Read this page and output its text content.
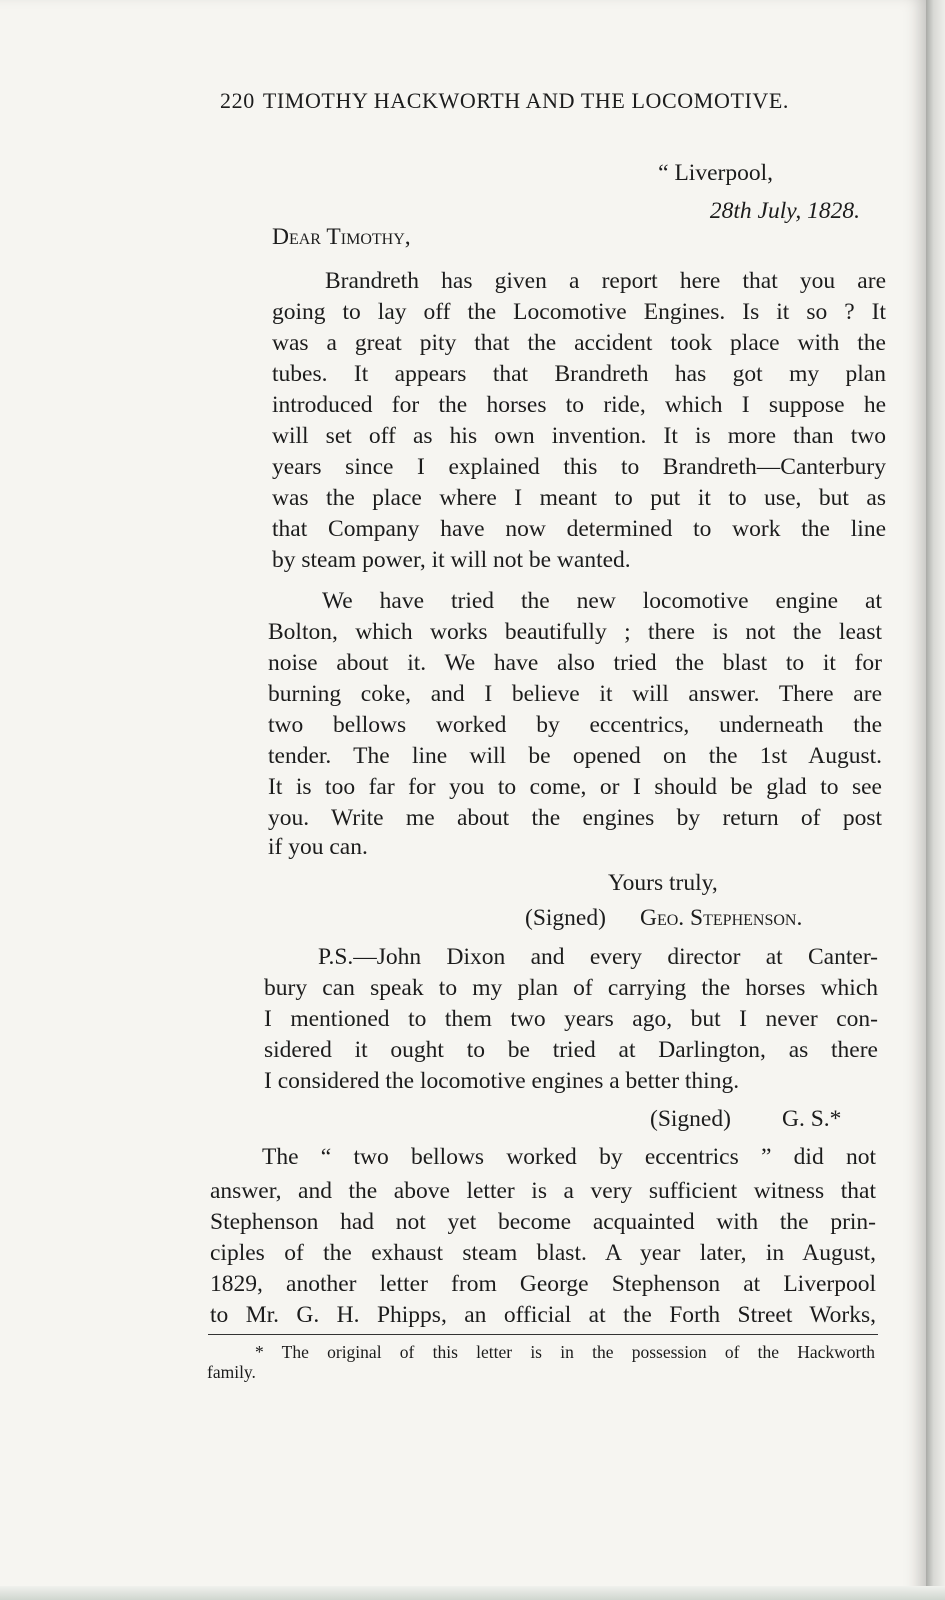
220 TIMOTHY HACKWORTH AND THE LOCOMOTIVE.
“ Liverpool,
28th July, 1828.
Dear Timothy,
Brandreth has given a report here that you are
going to lay off the Locomotive Engines. Is it so ? It
was a great pity that the accident took place with the
tubes. It appears that Brandreth has got my plan
introduced for the horses to ride, which I suppose he
will set off as his own invention. It is more than two
years since I explained this to Brandreth—Canterbury
was the place where I meant to put it to use, but as
that Company have now determined to work the line
by steam power, it will not be wanted.
We have tried the new locomotive engine at
Bolton, which works beautifully ; there is not the least
noise about it. We have also tried the blast to it for
burning coke, and I believe it will answer. There are
two bellows worked by eccentrics, underneath the
tender. The line will be opened on the 1st August.
It is too far for you to come, or I should be glad to see
you. Write me about the engines by return of post
if you can.
Yours truly,
(Signed) Geo. Stephenson.
P.S.—John Dixon and every director at Canter-
bury can speak to my plan of carrying the horses which
I mentioned to them two years ago, but I never con-
sidered it ought to be tried at Darlington, as there
I considered the locomotive engines a better thing.
(Signed) G. S.*
The “ two bellows worked by eccentrics ” did not
answer, and the above letter is a very sufficient witness that
Stephenson had not yet become acquainted with the prin-
ciples of the exhaust steam blast. A year later, in August,
1829, another letter from George Stephenson at Liverpool
to Mr. G. H. Phipps, an official at the Forth Street Works,
* The original of this letter is in the possession of the Hackworth
family.
